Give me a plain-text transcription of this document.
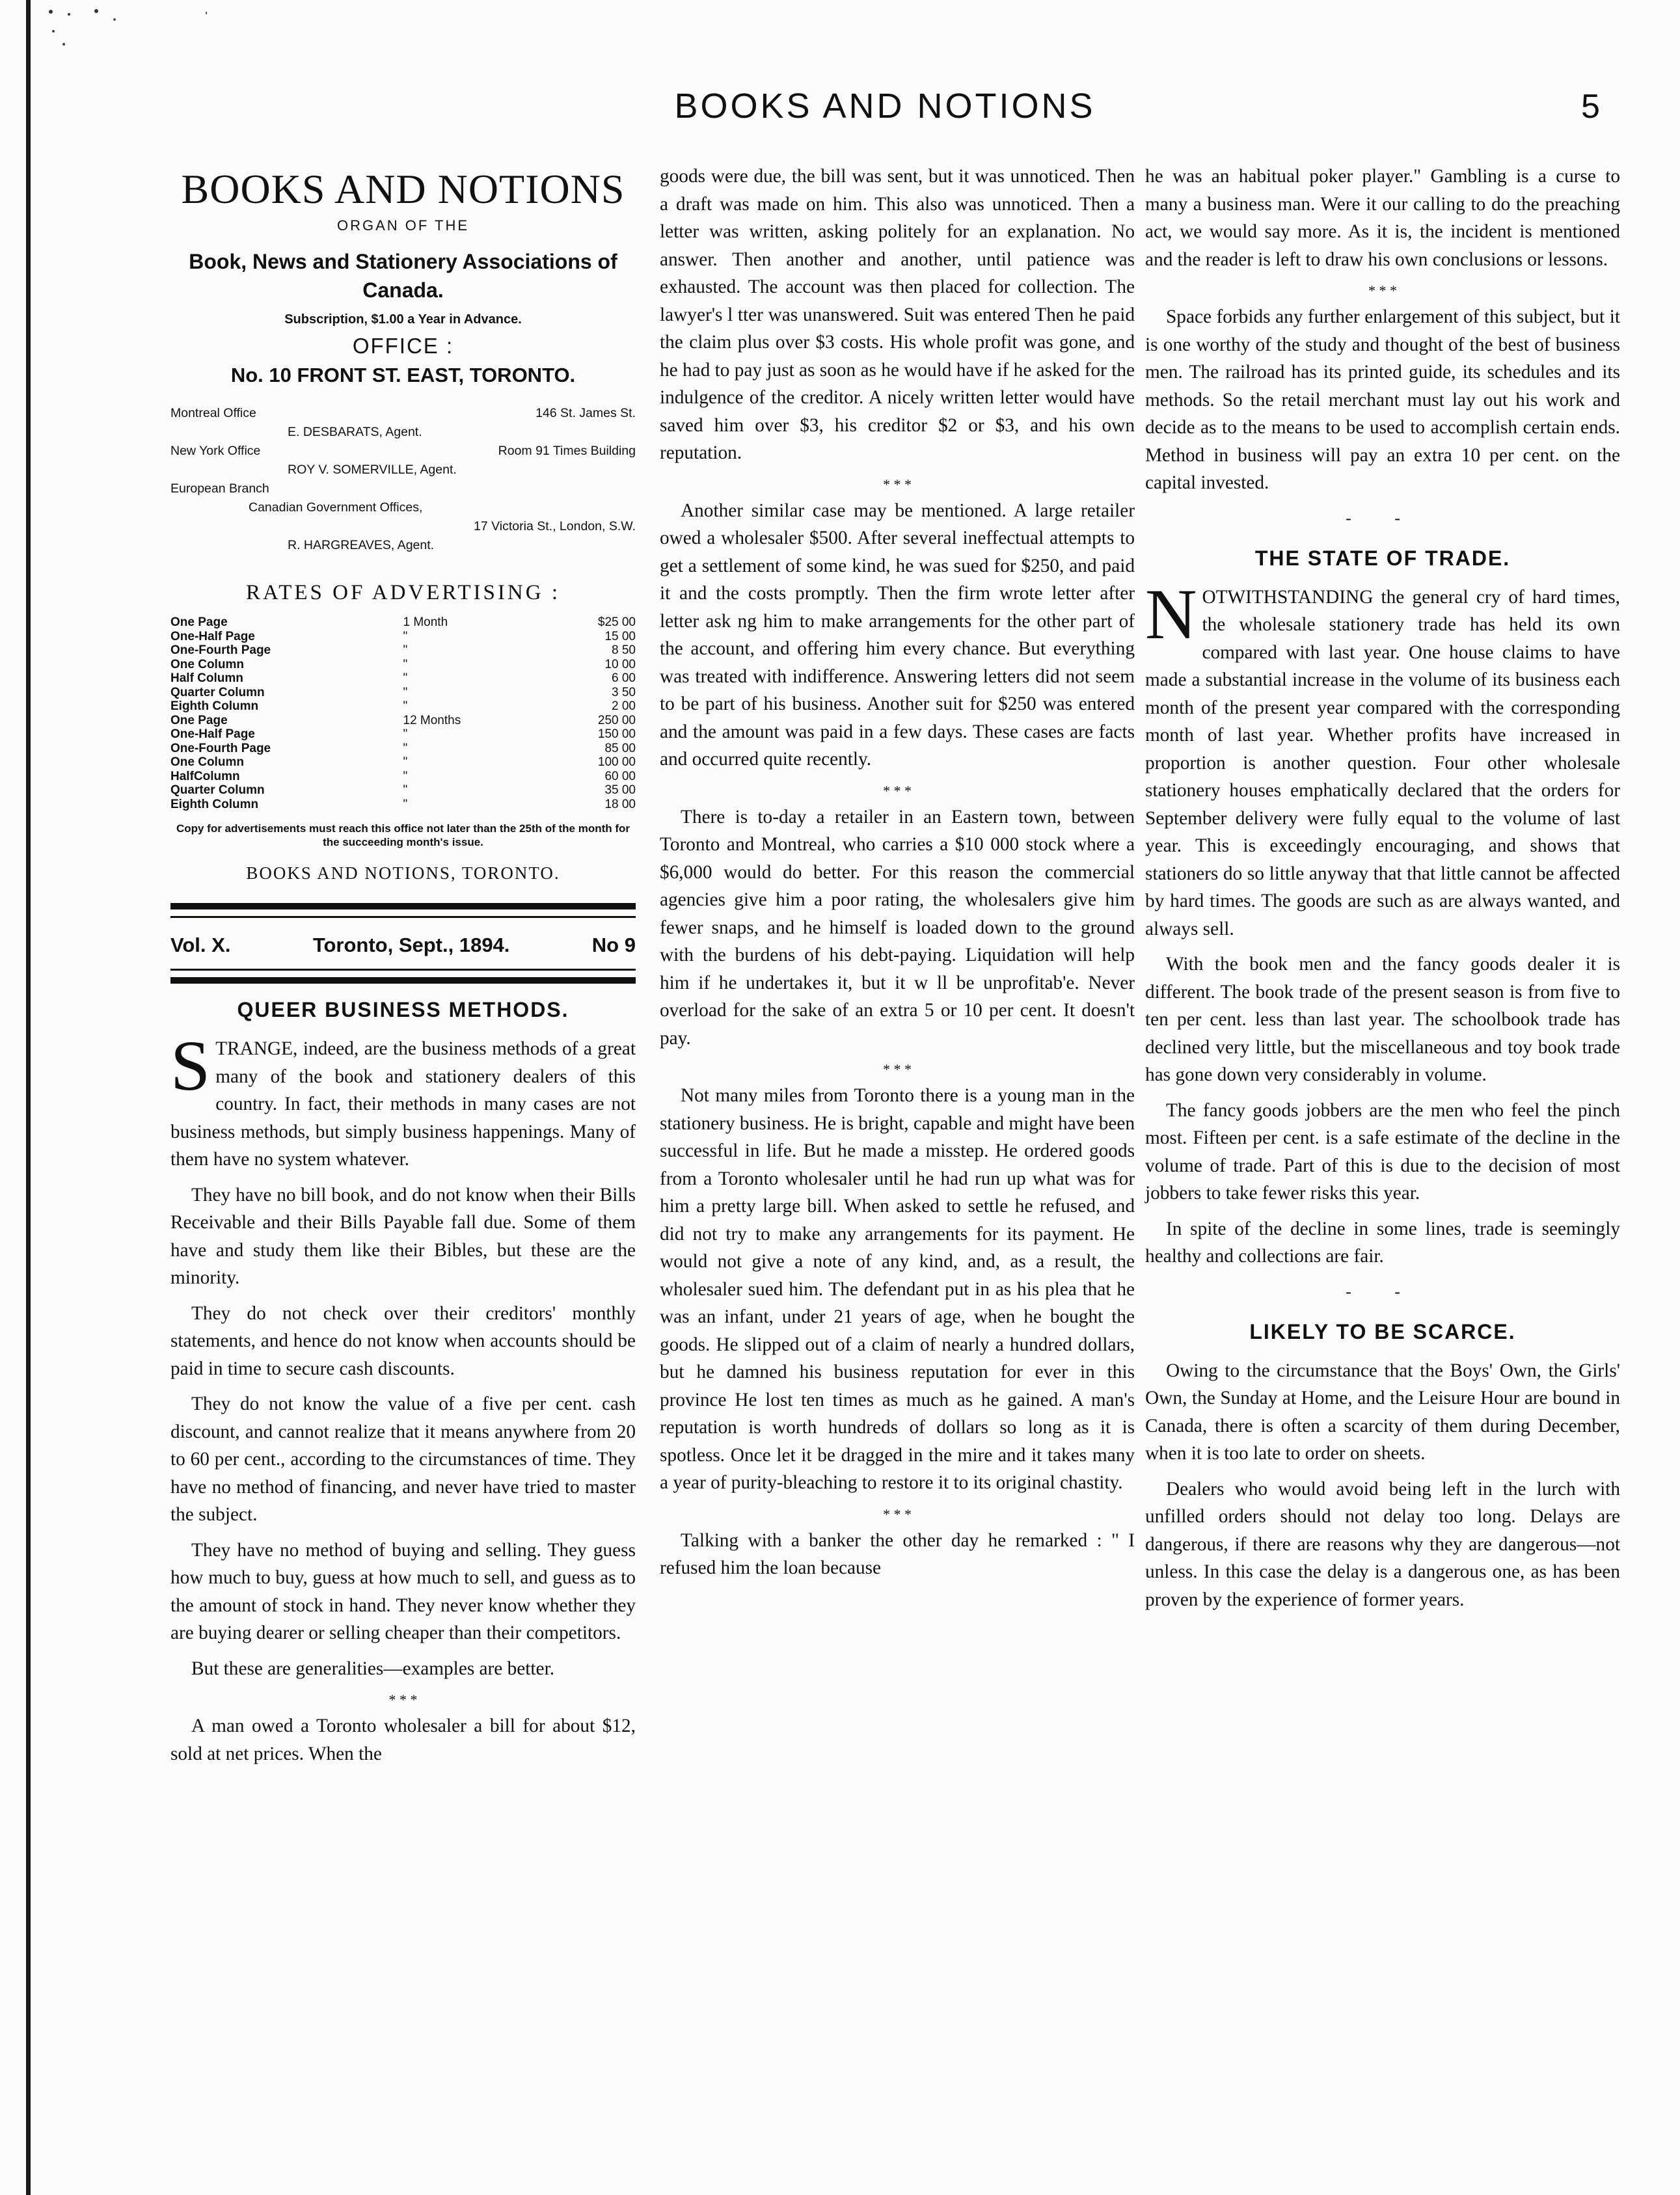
BOOKS AND NOTIONS	5
BOOKS AND NOTIONS
ORGAN OF THE
Book, News and Stationery Associations of Canada.
Subscription, $1.00 a Year in Advance.
OFFICE :
No. 10 FRONT ST. EAST, TORONTO.
Montreal Office	146 St. James St.
E. DESBARATS, Agent.
New York Office	Room 91 Times Building
ROY V. SOMERVILLE, Agent.
European Branch
Canadian Government Offices,
17 Victoria St., London, S.W.
R. HARGREAVES, Agent.
RATES OF ADVERTISING :
One Page	1 Month	$25 00
One-Half Page	"	15 00
One-Fourth Page	"	8 50
One Column	"	10 00
Half Column	"	6 00
Quarter Column	"	3 50
Eighth Column	"	2 00
One Page	12 Months	250 00
One-Half Page	"	150 00
One-Fourth Page	"	85 00
One Column	"	100 00
HalfColumn	"	60 00
Quarter Column	"	35 00
Eighth Column	"	18 00
Copy for advertisements must reach this office not later than the 25th of the month for the succeeding month's issue.
BOOKS AND NOTIONS, TORONTO.
Vol. X.	Toronto, Sept., 1894.	No 9
QUEER BUSINESS METHODS.

STRANGE, indeed, are the business methods of a great many of the book and stationery dealers of this country. In fact, their methods in many cases are not business methods, but simply business happenings. Many of them have no system whatever.

They have no bill book, and do not know when their Bills Receivable and their Bills Payable fall due. Some of them have and study them like their Bibles, but these are the minority.

They do not check over their creditors' monthly statements, and hence do not know when accounts should be paid in time to secure cash discounts.

They do not know the value of a five per cent. cash discount, and cannot realize that it means anywhere from 20 to 60 per cent., according to the circumstances of time. They have no method of financing, and never have tried to master the subject.

They have no method of buying and selling. They guess how much to buy, guess at how much to sell, and guess as to the amount of stock in hand. They never know whether they are buying dearer or selling cheaper than their competitors.

But these are generalities—examples are better.

* * *

A man owed a Toronto wholesaler a bill for about $12, sold at net prices. When the

goods were due, the bill was sent, but it was unnoticed. Then a draft was made on him. This also was unnoticed. Then a letter was written, asking politely for an explanation. No answer. Then another and another, until patience was exhausted. The account was then placed for collection. The lawyer's l tter was unanswered. Suit was entered Then he paid the claim plus over $3 costs. His whole profit was gone, and he had to pay just as soon as he would have if he asked for the indulgence of the creditor. A nicely written letter would have saved him over $3, his creditor $2 or $3, and his own reputation.

* * *

Another similar case may be mentioned. A large retailer owed a wholesaler $500. After several ineffectual attempts to get a settlement of some kind, he was sued for $250, and paid it and the costs promptly. Then the firm wrote letter after letter ask ng him to make arrangements for the other part of the account, and offering him every chance. But everything was treated with indifference. Answering letters did not seem to be part of his business. Another suit for $250 was entered and the amount was paid in a few days. These cases are facts and occurred quite recently.

* * *

There is to-day a retailer in an Eastern town, between Toronto and Montreal, who carries a $10 000 stock where a $6,000 would do better. For this reason the commercial agencies give him a poor rating, the wholesalers give him fewer snaps, and he himself is loaded down to the ground with the burdens of his debt-paying. Liquidation will help him if he undertakes it, but it w ll be unprofitab'e. Never overload for the sake of an extra 5 or 10 per cent. It doesn't pay.

* * *

Not many miles from Toronto there is a young man in the stationery business. He is bright, capable and might have been successful in life. But he made a misstep. He ordered goods from a Toronto wholesaler until he had run up what was for him a pretty large bill. When asked to settle he refused, and did not try to make any arrangements for its payment. He would not give a note of any kind, and, as a result, the wholesaler sued him. The defendant put in as his plea that he was an infant, under 21 years of age, when he bought the goods. He slipped out of a claim of nearly a hundred dollars, but he damned his business reputation for ever in this province He lost ten times as much as he gained. A man's reputation is worth hundreds of dollars so long as it is spotless. Once let it be dragged in the mire and it takes many a year of purity-bleaching to restore it to its original chastity.

* * *

Talking with a banker the other day he remarked : " I refused him the loan because

he was an habitual poker player." Gambling is a curse to many a business man. Were it our calling to do the preaching act, we would say more. As it is, the incident is mentioned and the reader is left to draw his own conclusions or lessons.

* * *

Space forbids any further enlargement of this subject, but it is one worthy of the study and thought of the best of business men. The railroad has its printed guide, its schedules and its methods. So the retail merchant must lay out his work and decide as to the means to be used to accomplish certain ends. Method in business will pay an extra 10 per cent. on the capital invested.

- -
THE STATE OF TRADE.

NOTWITHSTANDING the general cry of hard times, the wholesale stationery trade has held its own compared with last year. One house claims to have made a substantial increase in the volume of its business each month of the present year compared with the corresponding month of last year. Whether profits have increased in proportion is another question. Four other wholesale stationery houses emphatically declared that the orders for September delivery were fully equal to the volume of last year. This is exceedingly encouraging, and shows that stationers do so little anyway that that little cannot be affected by hard times. The goods are such as are always wanted, and always sell.

With the book men and the fancy goods dealer it is different. The book trade of the present season is from five to ten per cent. less than last year. The schoolbook trade has declined very little, but the miscellaneous and toy book trade has gone down very considerably in volume.

The fancy goods jobbers are the men who feel the pinch most. Fifteen per cent. is a safe estimate of the decline in the volume of trade. Part of this is due to the decision of most jobbers to take fewer risks this year.

In spite of the decline in some lines, trade is seemingly healthy and collections are fair.

- -
LIKELY TO BE SCARCE.

Owing to the circumstance that the Boys' Own, the Girls' Own, the Sunday at Home, and the Leisure Hour are bound in Canada, there is often a scarcity of them during December, when it is too late to order on sheets.

Dealers who would avoid being left in the lurch with unfilled orders should not delay too long. Delays are dangerous, if there are reasons why they are dangerous—not unless. In this case the delay is a dangerous one, as has been proven by the experience of former years.
